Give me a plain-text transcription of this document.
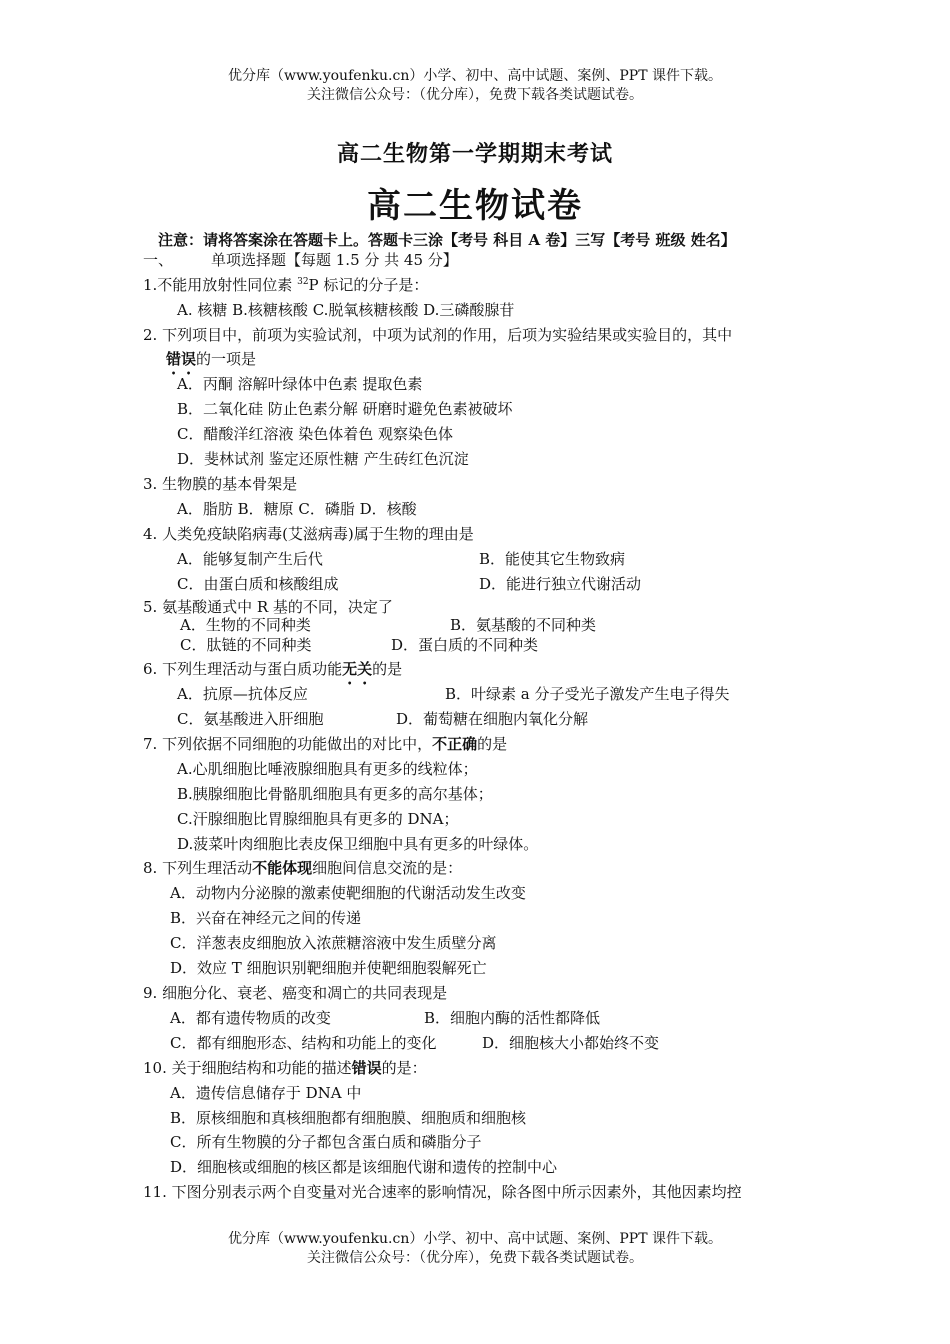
优分库（www.youfenku.cn）小学、初中、高中试题、案例、PPT 课件下载。
关注微信公众号：（优分库），免费下载各类试题试卷。
高二生物第一学期期末考试
高二生物试卷
注意：请将答案涂在答题卡上。答题卡三涂【考号 科目 A 卷】三写【考号 班级 姓名】
一、	单项选择题【每题 1.5 分 共 45 分】
1.不能用放射性同位素 $^{32}$P 标记的分子是：
A. 核糖 B.核糖核酸 C.脱氧核糖核酸 D.三磷酸腺苷
2. 下列项目中，前项为实验试剂，中项为试剂的作用，后项为实验结果或实验目的，其中
错误的一项是
A．丙酮 溶解叶绿体中色素 提取色素
B．二氧化硅 防止色素分解 研磨时避免色素被破坏
C．醋酸洋红溶液 染色体着色 观察染色体
D．斐林试剂 鉴定还原性糖 产生砖红色沉淀
3. 生物膜的基本骨架是
A．脂肪 B．糖原 C．磷脂 D．核酸
4. 人类免疫缺陷病毒(艾滋病毒)属于生物的理由是
A．能够复制产生后代	B．能使其它生物致病
C．由蛋白质和核酸组成	D．能进行独立代谢活动
5. 氨基酸通式中 R 基的不同，决定了
A．生物的不同种类	B．氨基酸的不同种类
C．肽链的不同种类	D．蛋白质的不同种类
6. 下列生理活动与蛋白质功能无关的是
A．抗原—抗体反应	B．叶绿素 a 分子受光子激发产生电子得失
C．氨基酸进入肝细胞	D．葡萄糖在细胞内氧化分解
7. 下列依据不同细胞的功能做出的对比中，不正确的是
A.心肌细胞比唾液腺细胞具有更多的线粒体；
B.胰腺细胞比骨骼肌细胞具有更多的高尔基体；
C.汗腺细胞比胃腺细胞具有更多的 DNA；
D.菠菜叶肉细胞比表皮保卫细胞中具有更多的叶绿体。
8. 下列生理活动不能体现细胞间信息交流的是：
A．动物内分泌腺的激素使靶细胞的代谢活动发生改变
B．兴奋在神经元之间的传递
C．洋葱表皮细胞放入浓蔗糖溶液中发生质壁分离
D．效应 T 细胞识别靶细胞并使靶细胞裂解死亡
9. 细胞分化、衰老、癌变和凋亡的共同表现是
A．都有遗传物质的改变	B．细胞内酶的活性都降低
C．都有细胞形态、结构和功能上的变化	D．细胞核大小都始终不变
10. 关于细胞结构和功能的描述错误的是：
A．遗传信息储存于 DNA 中
B．原核细胞和真核细胞都有细胞膜、细胞质和细胞核
C．所有生物膜的分子都包含蛋白质和磷脂分子
D．细胞核或细胞的核区都是该细胞代谢和遗传的控制中心
11. 下图分别表示两个自变量对光合速率的影响情况，除各图中所示因素外，其他因素均控
优分库（www.youfenku.cn）小学、初中、高中试题、案例、PPT 课件下载。
关注微信公众号：（优分库），免费下载各类试题试卷。
